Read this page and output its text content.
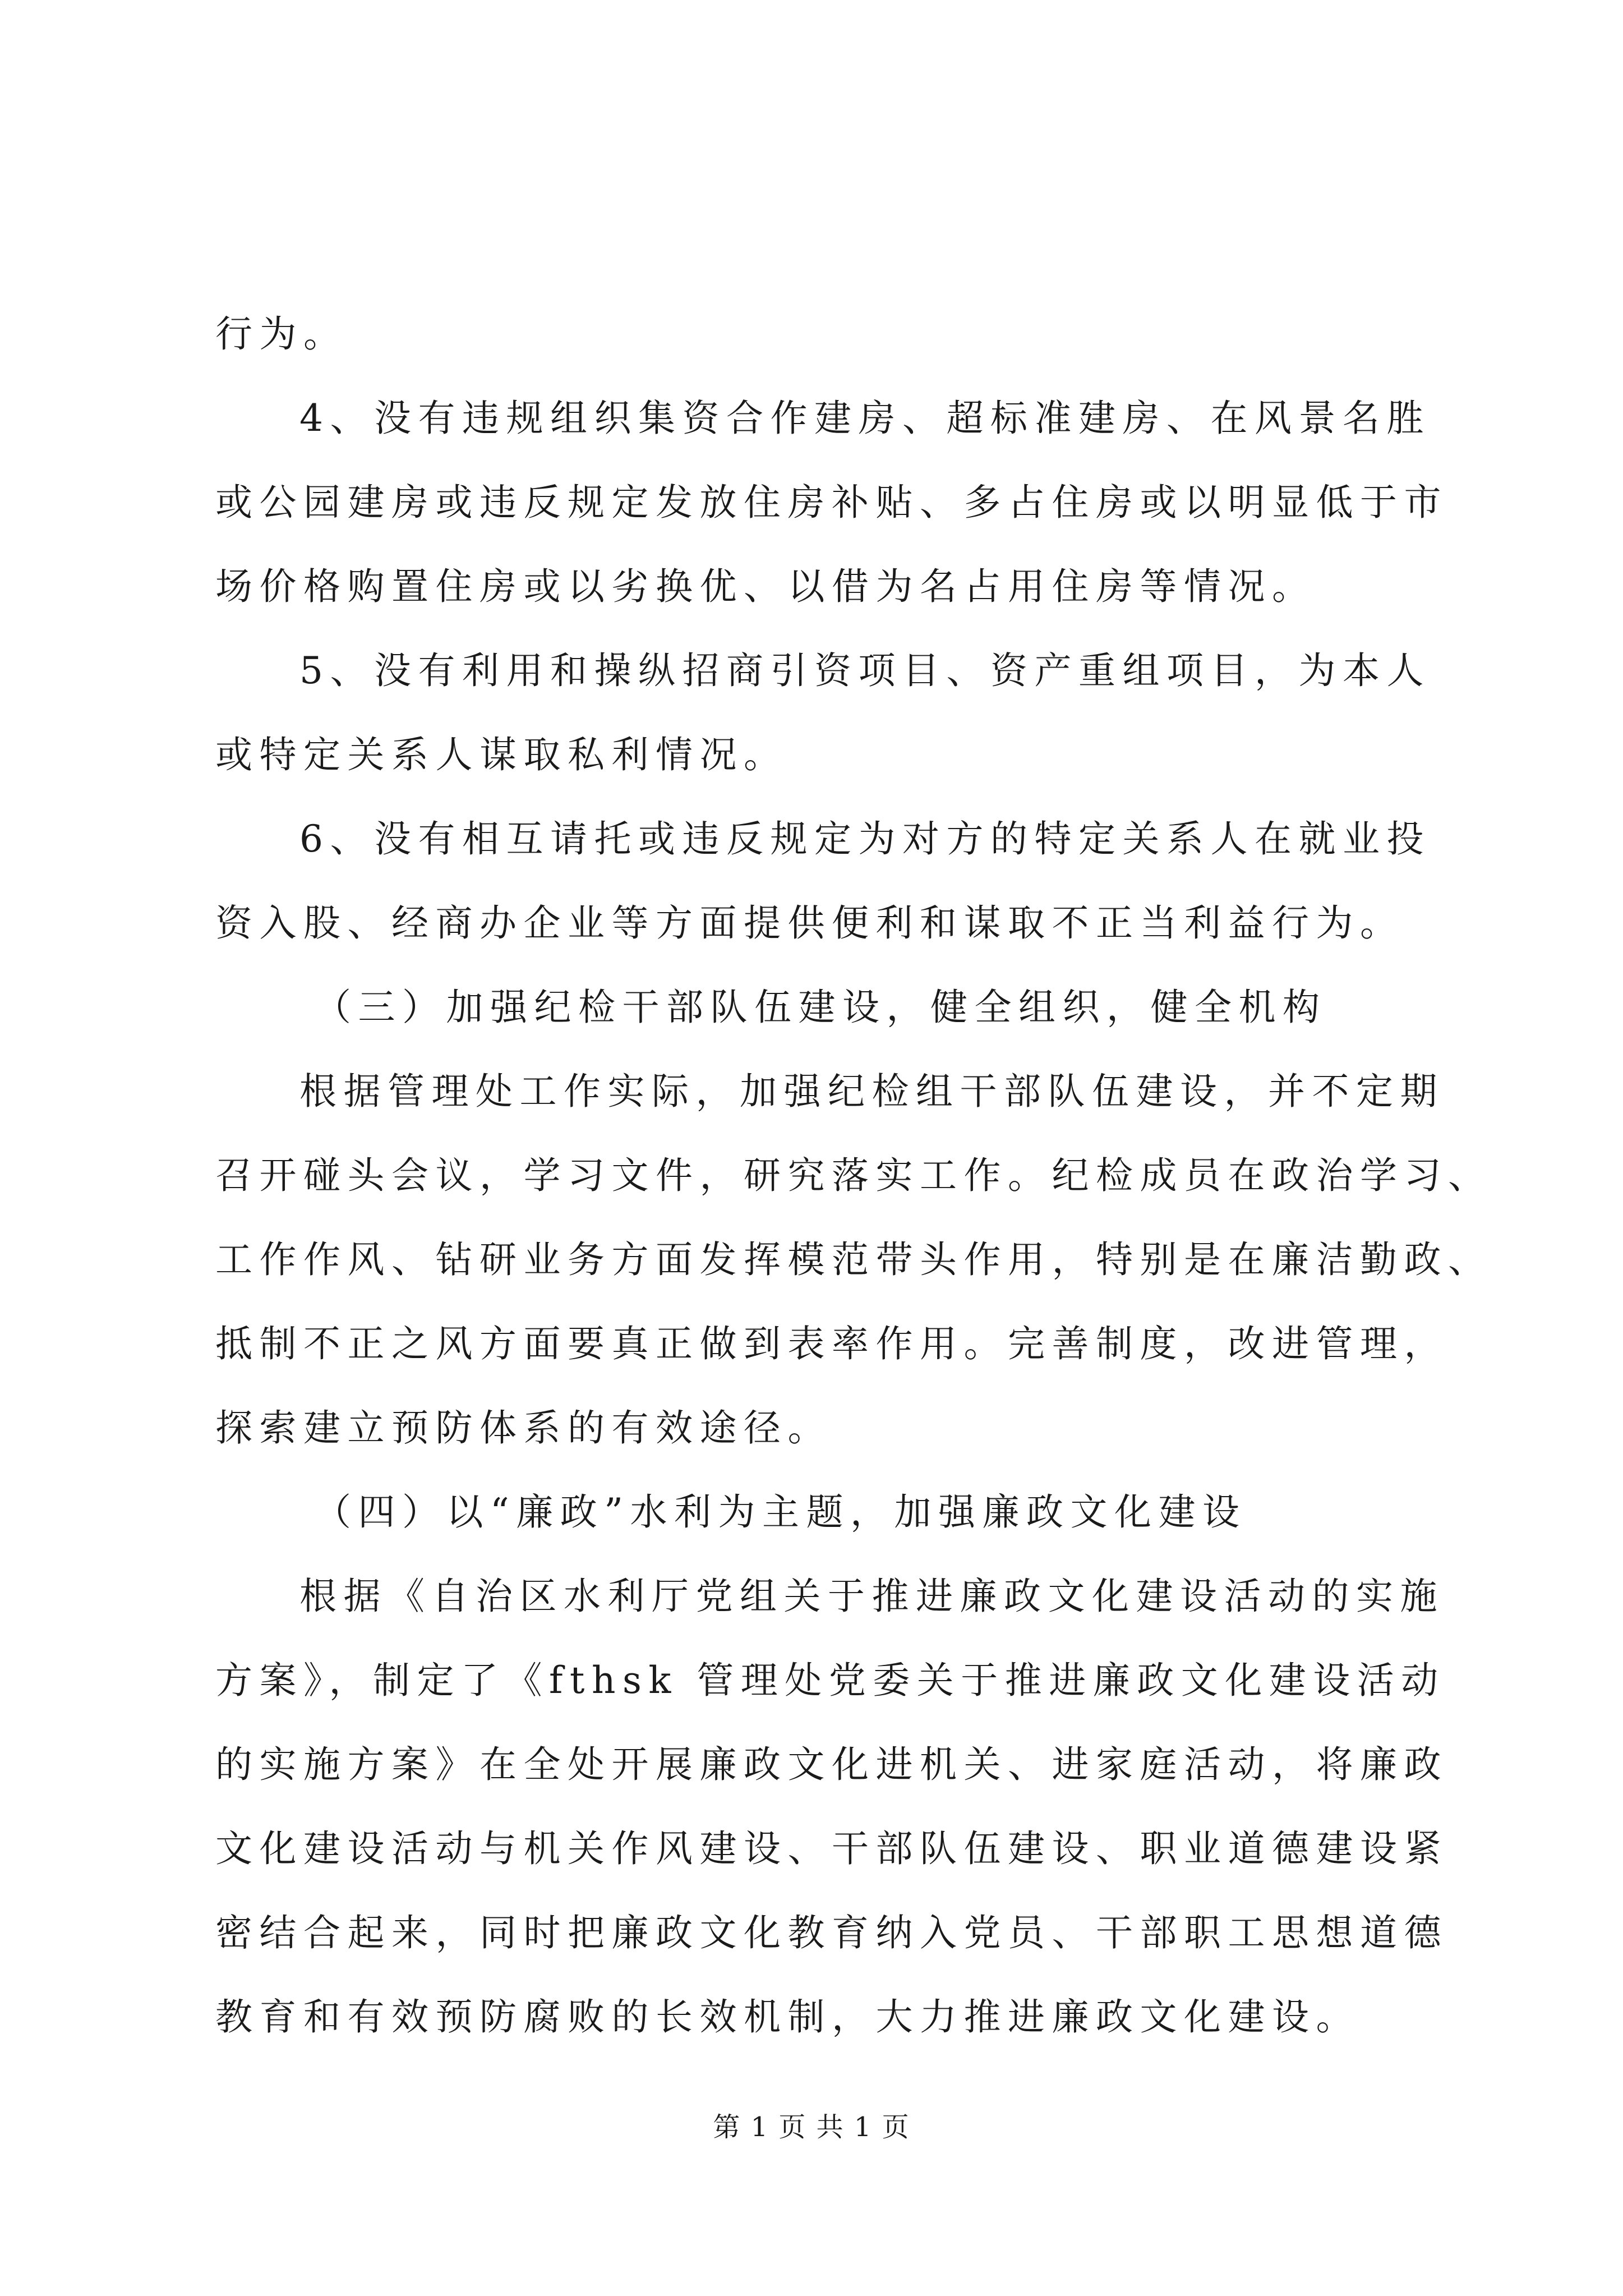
行为。
4、没有违规组织集资合作建房、超标准建房、在风景名胜
或公园建房或违反规定发放住房补贴、多占住房或以明显低于市
场价格购置住房或以劣换优、以借为名占用住房等情况。
5、没有利用和操纵招商引资项目、资产重组项目，为本人
或特定关系人谋取私利情况。
6、没有相互请托或违反规定为对方的特定关系人在就业投
资入股、经商办企业等方面提供便利和谋取不正当利益行为。
（三）加强纪检干部队伍建设，健全组织，健全机构
根据管理处工作实际，加强纪检组干部队伍建设，并不定期
召开碰头会议，学习文件，研究落实工作。纪检成员在政治学习、
工作作风、钻研业务方面发挥模范带头作用，特别是在廉洁勤政、
抵制不正之风方面要真正做到表率作用。完善制度，改进管理，
探索建立预防体系的有效途径。
（四）以“廉政”水利为主题，加强廉政文化建设
根据《自治区水利厅党组关于推进廉政文化建设活动的实施
方案》，制定了《fthsk 管理处党委关于推进廉政文化建设活动
的实施方案》在全处开展廉政文化进机关、进家庭活动，将廉政
文化建设活动与机关作风建设、干部队伍建设、职业道德建设紧
密结合起来，同时把廉政文化教育纳入党员、干部职工思想道德
教育和有效预防腐败的长效机制，大力推进廉政文化建设。
第 1 页 共 1 页
